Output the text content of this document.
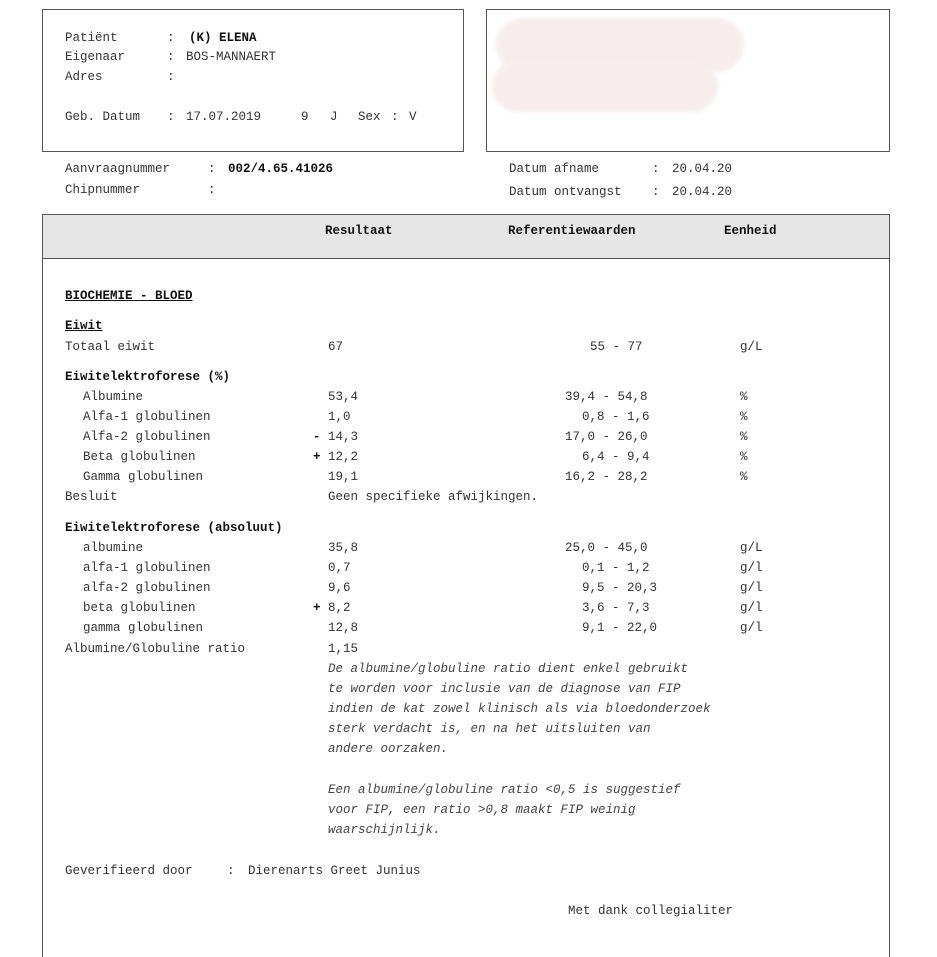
Patiënt	: (K) ELENA
Eigenaar	: BOS-MANNAERT
Adres	:
Geb. Datum : 17.07.2019	9 J Sex : V
Aanvraagnummer	: 002/4.65.41026
Chipnummer	:
Datum afname	: 20.04.20
Datum ontvangst : 20.04.20
Resultaat	Referentiewaarden	Eenheid
BIOCHEMIE - BLOED
Eiwit
Totaal eiwit	67	55 - 77	g/L
Eiwitelektroforese (%)
Albumine	53,4	39,4 - 54,8	%
Alfa-1 globulinen	1,0	0,8 - 1,6	%
Alfa-2 globulinen	- 14,3	17,0 - 26,0	%
Beta globulinen	+ 12,2	6,4 - 9,4	%
Gamma globulinen	19,1	16,2 - 28,2	%
Besluit	Geen specifieke afwijkingen.
Eiwitelektroforese (absoluut)
albumine	35,8	25,0 - 45,0	g/L
alfa-1 globulinen	0,7	0,1 - 1,2	g/l
alfa-2 globulinen	9,6	9,5 - 20,3	g/l
beta globulinen	+ 8,2	3,6 - 7,3	g/l
gamma globulinen	12,8	9,1 - 22,0	g/l
Albumine/Globuline ratio	1,15
De albumine/globuline ratio dient enkel gebruikt
te worden voor inclusie van de diagnose van FIP
indien de kat zowel klinisch als via bloedonderzoek
sterk verdacht is, en na het uitsluiten van
andere oorzaken.
Een albumine/globuline ratio <0,5 is suggestief
voor FIP, een ratio >0,8 maakt FIP weinig
waarschijnlijk.
Geverifieerd door	: Dierenarts Greet Junius
Met dank collegialiter
